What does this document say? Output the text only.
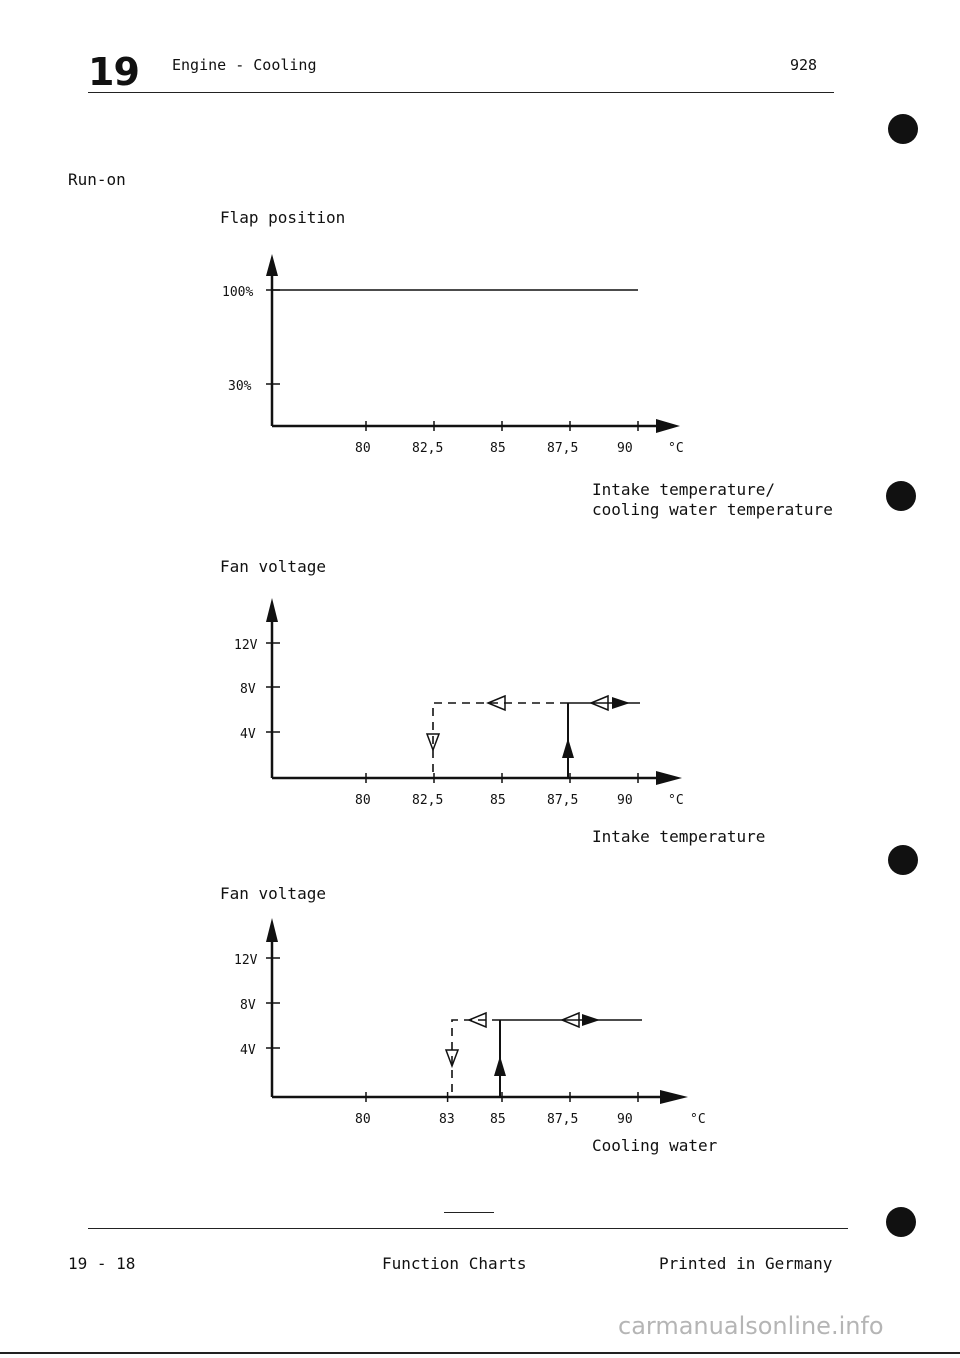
19 Engine - Cooling	928
Run-on
Flap position
100%
30%
80	82,5	85	87,5	90	°C
Intake temperature/
cooling water temperature
Fan voltage
12V
8V
4V
80	82,5	85	87,5	90	°C
Intake temperature
Fan voltage
12V
8V
4V
80	83	85	87,5	90	°C
Cooling water
19 - 18	Function Charts	Printed in Germany
carmanualsonline.info
